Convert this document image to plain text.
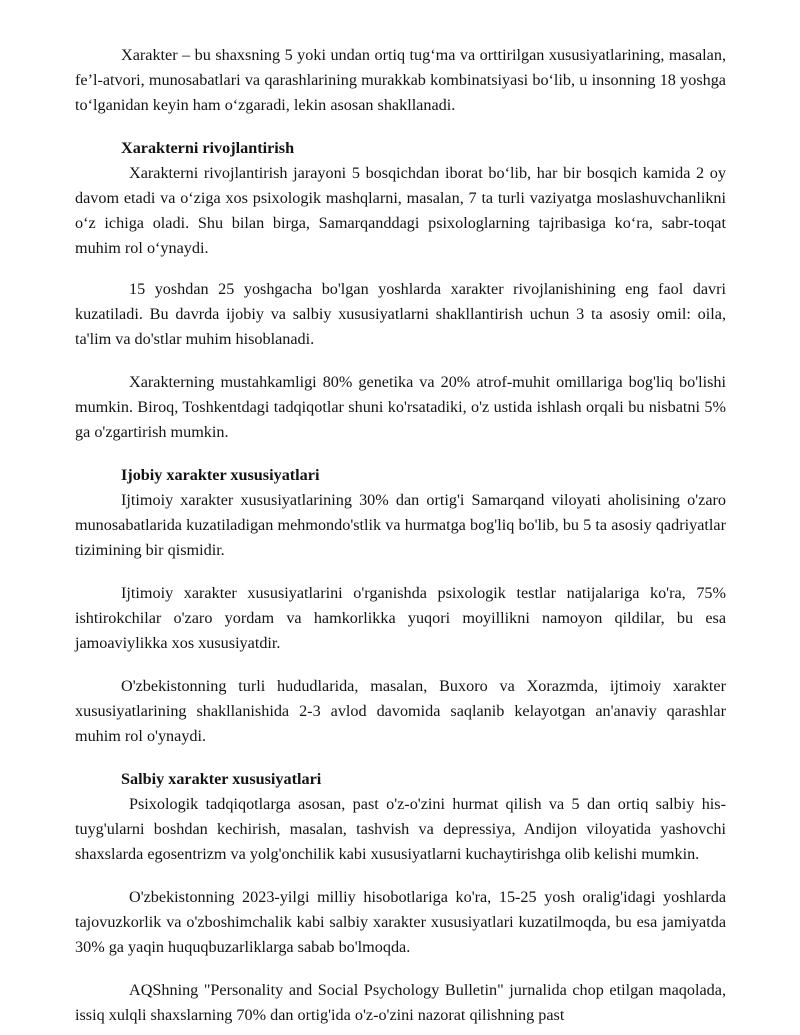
Xarakter – bu shaxsning 5 yoki undan ortiq tug‘ma va orttirilgan xususiyatlarining, masalan, fe’l-atvori, munosabatlari va qarashlarining murakkab kombinatsiyasi bo‘lib, u insonning 18 yoshga to‘lganidan keyin ham o‘zgaradi, lekin asosan shakllanadi.

Xarakterni rivojlantirish

Xarakterni rivojlantirish jarayoni 5 bosqichdan iborat bo‘lib, har bir bosqich kamida 2 oy davom etadi va o‘ziga xos psixologik mashqlarni, masalan, 7 ta turli vaziyatga moslashuvchanlikni o‘z ichiga oladi. Shu bilan birga, Samarqanddagi psixologlarning tajribasiga ko‘ra, sabr-toqat muhim rol o‘ynaydi.

15 yoshdan 25 yoshgacha bo'lgan yoshlarda xarakter rivojlanishining eng faol davri kuzatiladi. Bu davrda ijobiy va salbiy xususiyatlarni shakllantirish uchun 3 ta asosiy omil: oila, ta'lim va do'stlar muhim hisoblanadi.

Xarakterning mustahkamligi 80% genetika va 20% atrof-muhit omillariga bog'liq bo'lishi mumkin. Biroq, Toshkentdagi tadqiqotlar shuni ko'rsatadiki, o'z ustida ishlash orqali bu nisbatni 5% ga o'zgartirish mumkin.

Ijobiy xarakter xususiyatlari

Ijtimoiy xarakter xususiyatlarining 30% dan ortig'i Samarqand viloyati aholisining o'zaro munosabatlarida kuzatiladigan mehmondo'stlik va hurmatga bog'liq bo'lib, bu 5 ta asosiy qadriyatlar tizimining bir qismidir.

Ijtimoiy xarakter xususiyatlarini o'rganishda psixologik testlar natijalariga ko'ra, 75% ishtirokchilar o'zaro yordam va hamkorlikka yuqori moyillikni namoyon qildilar, bu esa jamoaviylikka xos xususiyatdir.

O'zbekistonning turli hududlarida, masalan, Buxoro va Xorazmda, ijtimoiy xarakter xususiyatlarining shakllanishida 2-3 avlod davomida saqlanib kelayotgan an'anaviy qarashlar muhim rol o'ynaydi.

Salbiy xarakter xususiyatlari

Psixologik tadqiqotlarga asosan, past o'z-o'zini hurmat qilish va 5 dan ortiq salbiy his-tuyg'ularni boshdan kechirish, masalan, tashvish va depressiya, Andijon viloyatida yashovchi shaxslarda egosentrizm va yolg'onchilik kabi xususiyatlarni kuchaytirishga olib kelishi mumkin.

O'zbekistonning 2023-yilgi milliy hisobotlariga ko'ra, 15-25 yosh oralig'idagi yoshlarda tajovuzkorlik va o'zboshimchalik kabi salbiy xarakter xususiyatlari kuzatilmoqda, bu esa jamiyatda 30% ga yaqin huquqbuzarliklarga sabab bo'lmoqda.

AQShning "Personality and Social Psychology Bulletin" jurnalida chop etilgan maqolada, issiq xulqli shaxslarning 70% dan ortig'ida o'z-o'zini nazorat qilishning past
